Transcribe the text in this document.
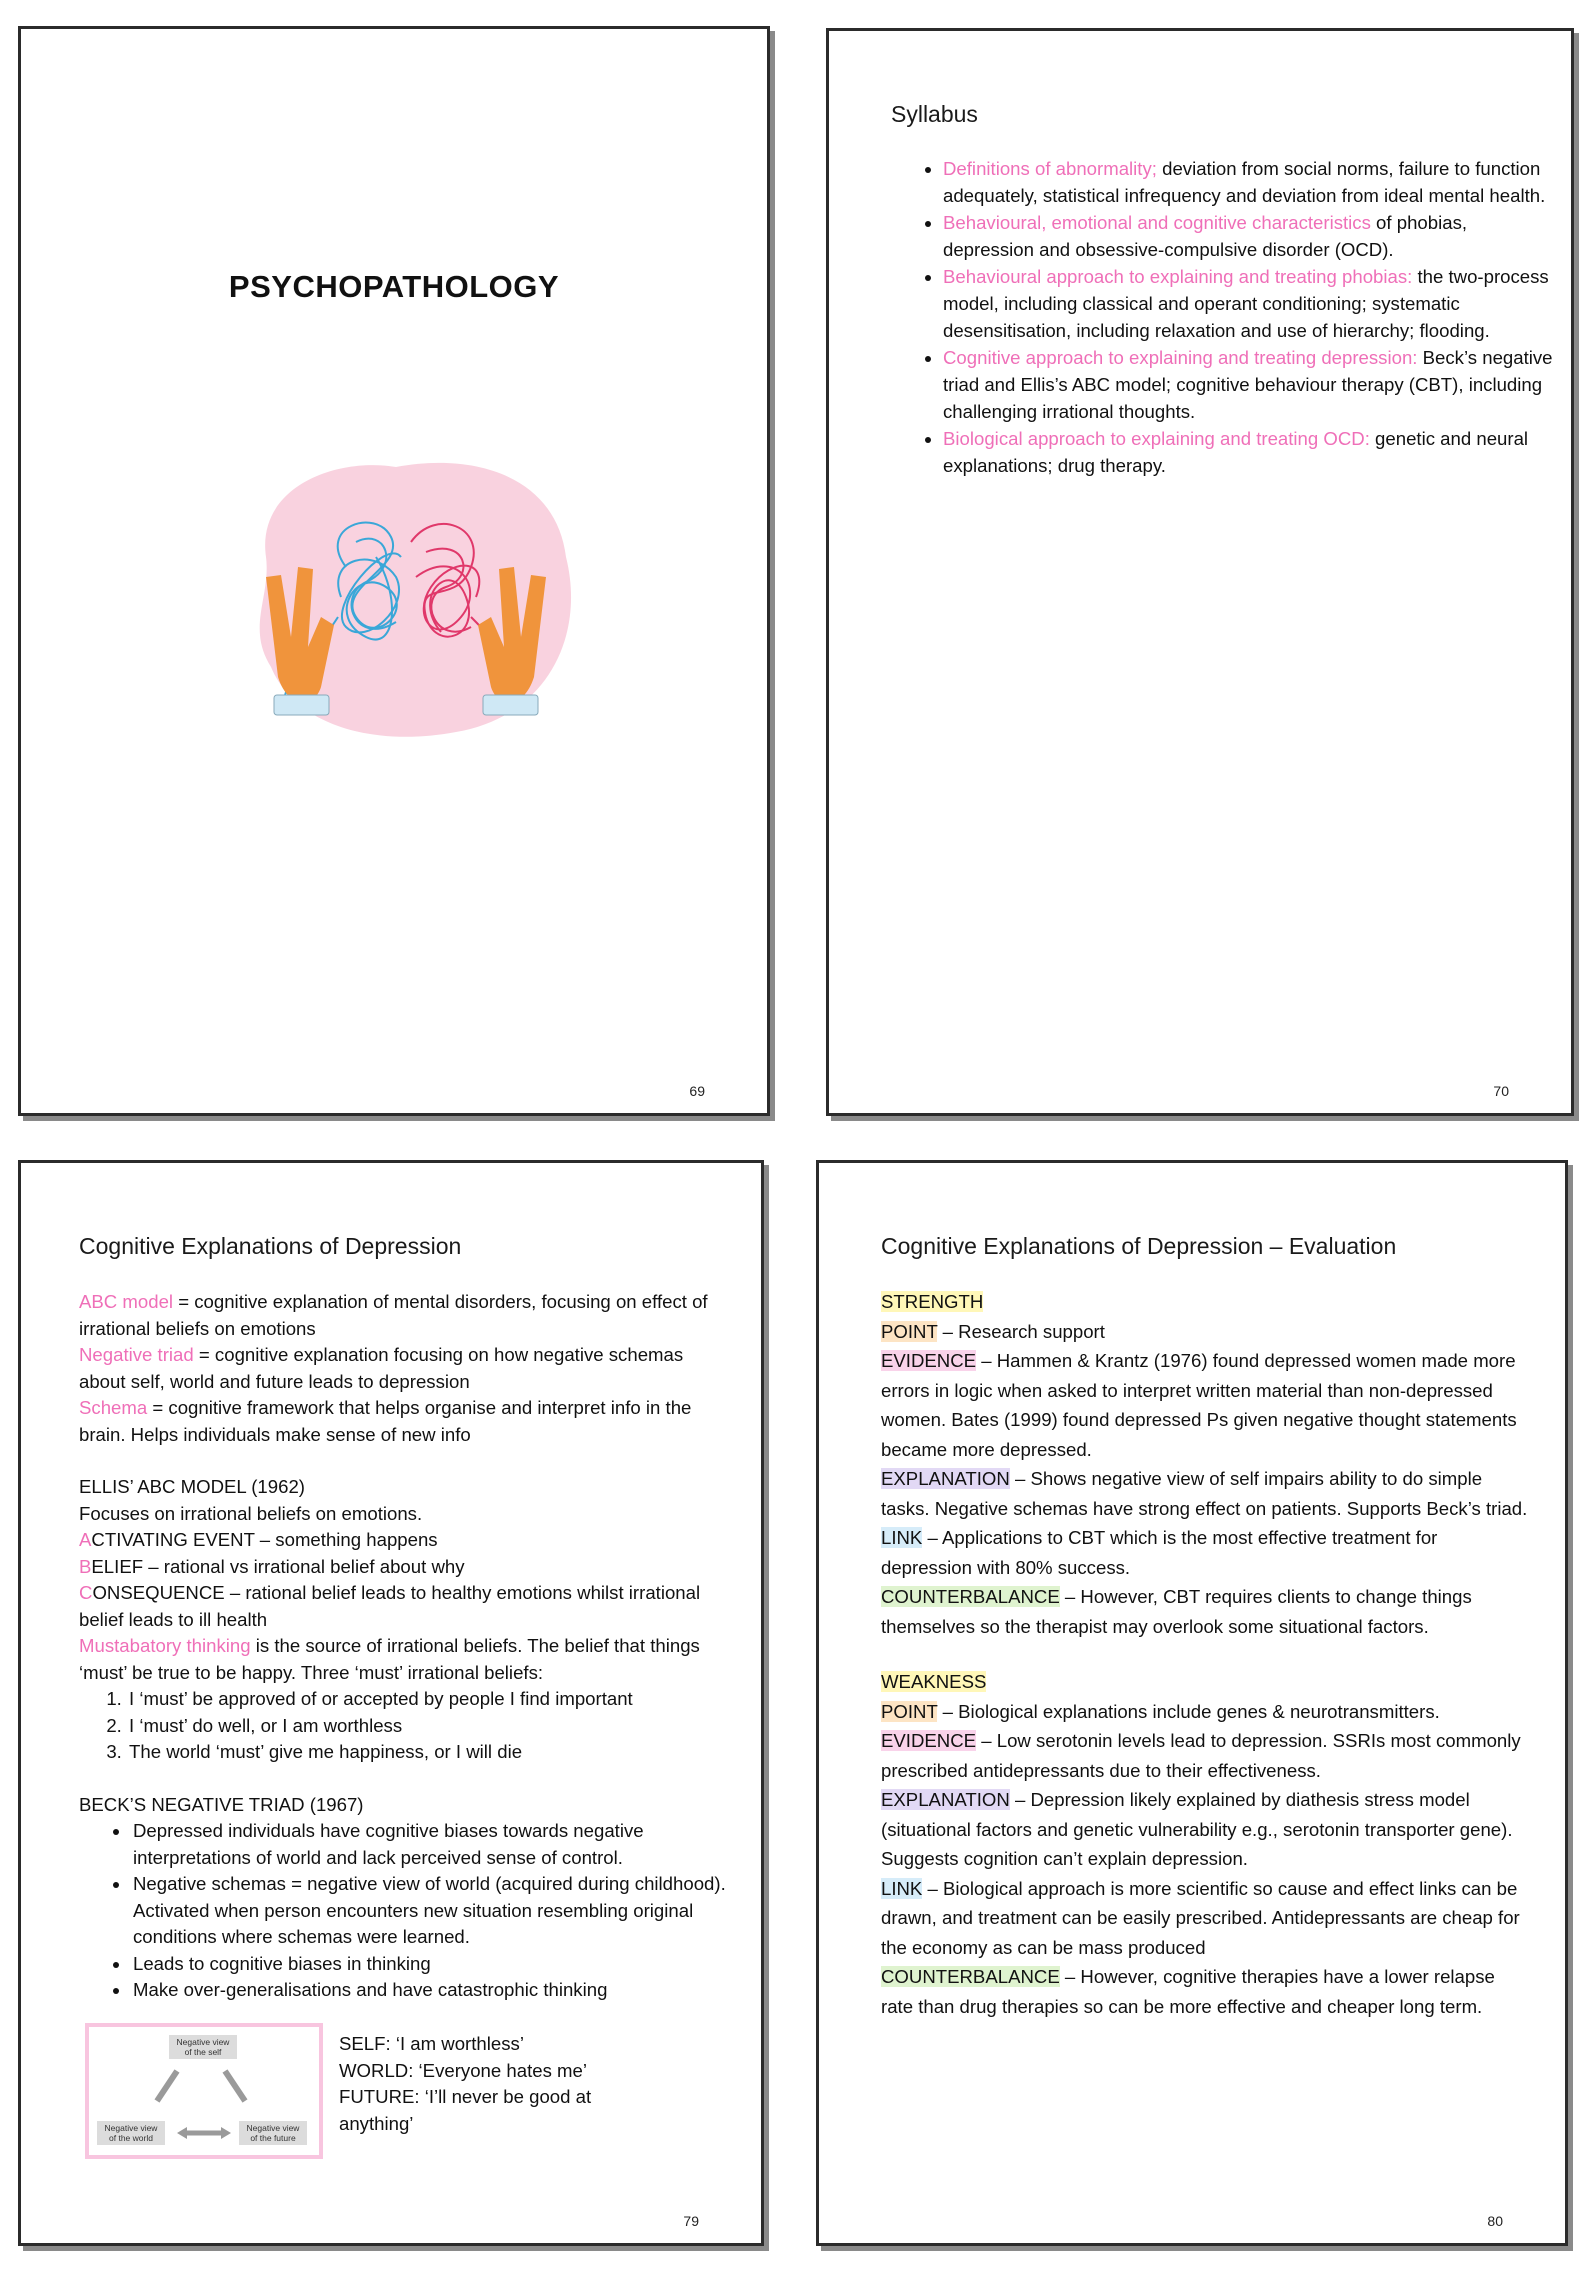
PSYCHOPATHOLOGY
69
Syllabus
• Definitions of abnormality; deviation from social norms, failure to function adequately, statistical infrequency and deviation from ideal mental health.
• Behavioural, emotional and cognitive characteristics of phobias, depression and obsessive-compulsive disorder (OCD).
• Behavioural approach to explaining and treating phobias: the two-process model, including classical and operant conditioning; systematic desensitisation, including relaxation and use of hierarchy; flooding.
• Cognitive approach to explaining and treating depression: Beck’s negative triad and Ellis’s ABC model; cognitive behaviour therapy (CBT), including challenging irrational thoughts.
• Biological approach to explaining and treating OCD: genetic and neural explanations; drug therapy.
70
Cognitive Explanations of Depression

ABC model = cognitive explanation of mental disorders, focusing on effect of irrational beliefs on emotions

Negative triad = cognitive explanation focusing on how negative schemas about self, world and future leads to depression

Schema = cognitive framework that helps organise and interpret info in the brain. Helps individuals make sense of new info

ELLIS’ ABC MODEL (1962)

Focuses on irrational beliefs on emotions.

ACTIVATING EVENT – something happens

BELIEF – rational vs irrational belief about why

CONSEQUENCE – rational belief leads to healthy emotions whilst irrational belief leads to ill health

Mustabatory thinking is the source of irrational beliefs. The belief that things ‘must’ be true to be happy. Three ‘must’ irrational beliefs:

1. I ‘must’ be approved of or accepted by people I find important
2. I ‘must’ do well, or I am worthless
3. The world ‘must’ give me happiness, or I will die

BECK’S NEGATIVE TRIAD (1967)

• Depressed individuals have cognitive biases towards negative interpretations of world and lack perceived sense of control.
• Negative schemas = negative view of world (acquired during childhood). Activated when person encounters new situation resembling original conditions where schemas were learned.
• Leads to cognitive biases in thinking
• Make over-generalisations and have catastrophic thinking
Negative view of the self
Negative view of the world
Negative view of the future
SELF: ‘I am worthless’
WORLD: ‘Everyone hates me’
FUTURE: ‘I’ll never be good at anything’
79
Cognitive Explanations of Depression – Evaluation

STRENGTH

POINT – Research support

EVIDENCE – Hammen & Krantz (1976) found depressed women made more errors in logic when asked to interpret written material than non-depressed women. Bates (1999) found depressed Ps given negative thought statements became more depressed.

EXPLANATION – Shows negative view of self impairs ability to do simple tasks. Negative schemas have strong effect on patients. Supports Beck’s triad.

LINK – Applications to CBT which is the most effective treatment for depression with 80% success.

COUNTERBALANCE – However, CBT requires clients to change things themselves so the therapist may overlook some situational factors.

WEAKNESS

POINT – Biological explanations include genes & neurotransmitters.

EVIDENCE – Low serotonin levels lead to depression. SSRIs most commonly prescribed antidepressants due to their effectiveness.

EXPLANATION – Depression likely explained by diathesis stress model (situational factors and genetic vulnerability e.g., serotonin transporter gene). Suggests cognition can’t explain depression.

LINK – Biological approach is more scientific so cause and effect links can be drawn, and treatment can be easily prescribed. Antidepressants are cheap for the economy as can be mass produced

COUNTERBALANCE – However, cognitive therapies have a lower relapse rate than drug therapies so can be more effective and cheaper long term.

80
